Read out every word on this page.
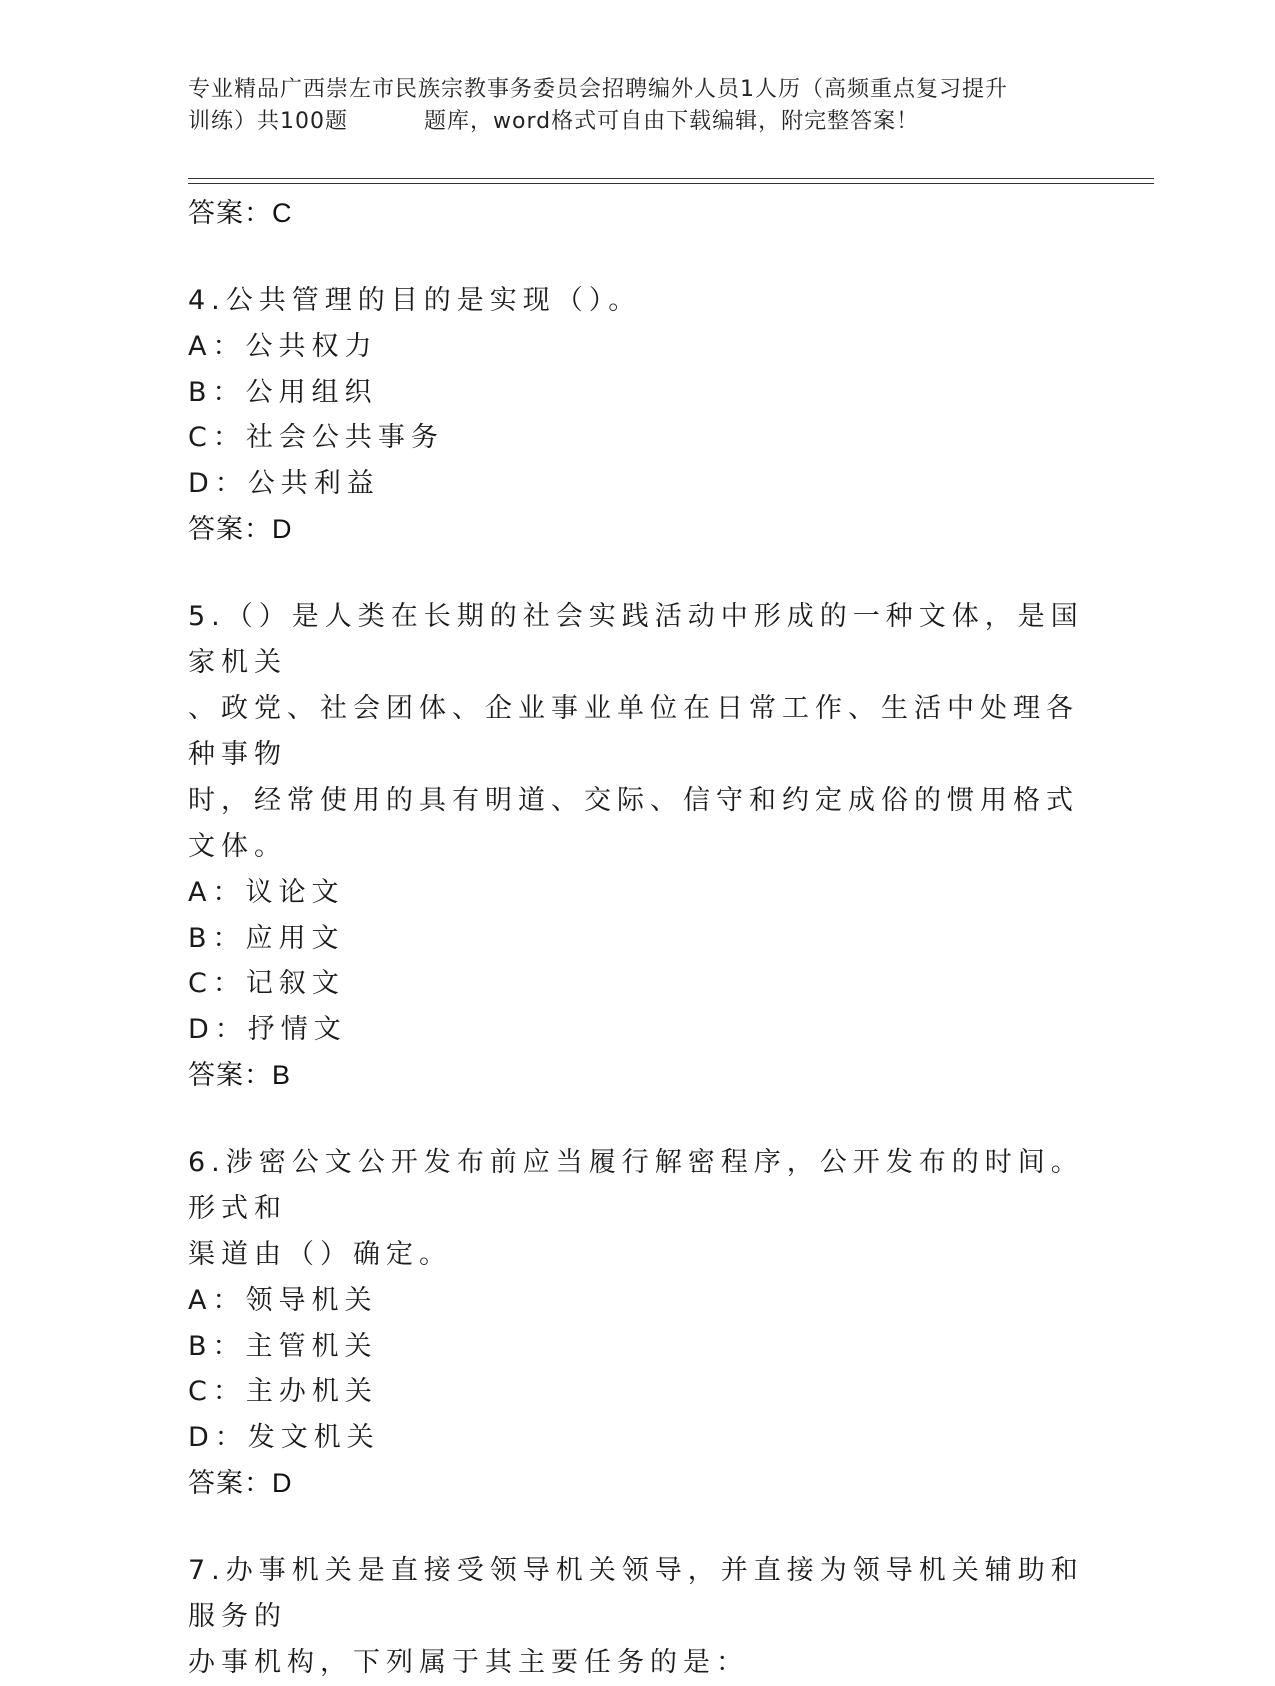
专业精品广西崇左市民族宗教事务委员会招聘编外人员1人历（高频重点复习提升
训练）共100题	题库，word格式可自由下载编辑，附完整答案！

答案：C

4.公共管理的目的是实现（）。

A：公共权力

B：公用组织

C：社会公共事务

D：公共利益

答案：D

5.（）是人类在长期的社会实践活动中形成的一种文体，是国家机关

、政党、社会团体、企业事业单位在日常工作、生活中处理各种事物

时，经常使用的具有明道、交际、信守和约定成俗的惯用格式文体。

A：议论文

B：应用文

C：记叙文

D：抒情文

答案：B

6.涉密公文公开发布前应当履行解密程序，公开发布的时间。形式和

渠道由（）确定。

A：领导机关

B：主管机关

C：主办机关

D：发文机关

答案：D

7.办事机关是直接受领导机关领导，并直接为领导机关辅助和服务的

办事机构，下列属于其主要任务的是：
